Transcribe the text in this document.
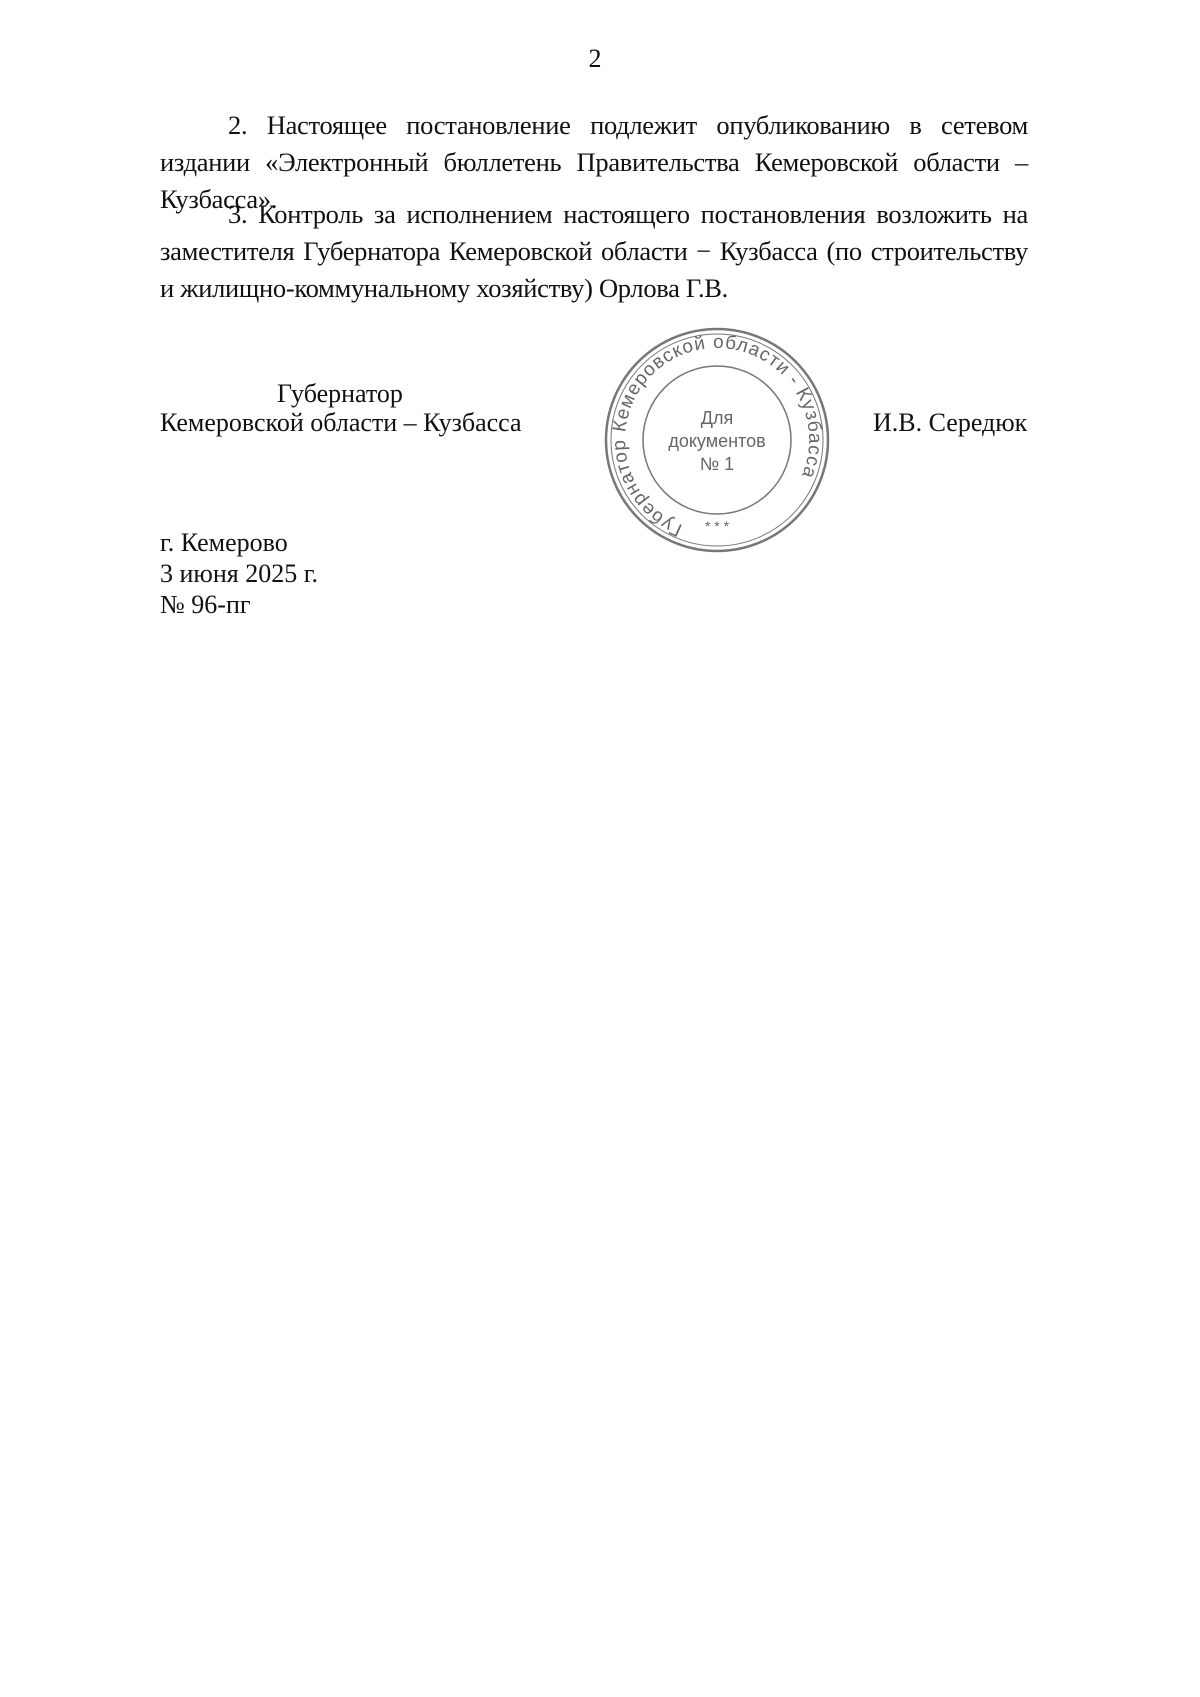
2
2. Настоящее постановление подлежит опубликованию в сетевом издании «Электронный бюллетень Правительства Кемеровской области – Кузбасса».
3. Контроль за исполнением настоящего постановления возложить на заместителя Губернатора Кемеровской области − Кузбасса (по строительству и жилищно-коммунальному хозяйству) Орлова Г.В.
Губернатор
Кемеровской области – Кузбасса	И.В. Середюк
Губернатор Кемеровской области - Кузбасса
Для
документов
№ 1
* * *
г. Кемерово
3 июня 2025 г.
№ 96-пг
